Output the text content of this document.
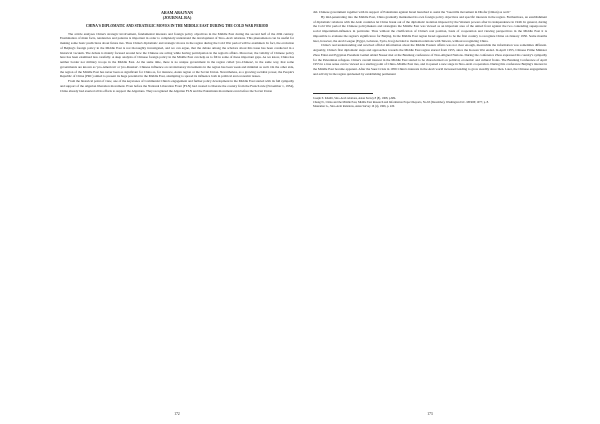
ARAM ABAJYAN

(JOURNAL RA)

CHINA'S DIPLOMATIC AND STRATEGIC MOVES IN THE MIDDLE EAST DURING THE COLD WAR PERIOD

The article analyses China's strategic involvement, fundamental interests and foreign policy objectives in the Middle East during the second half of the 20th century. Examination of main facts, tendencies and patterns is important in order to completely understand the development of Sino–Arab relations. This phenomenon can be useful for making some basic predictions about future ties. Thus China's diplomatic and strategic moves in the region during the Cold War period will be examined. In fact, the evolution of Beijing's foreign policy in the Middle East is not thoroughly investigated, and we can argue, that the debate among the scholars about this issue has been conducted in a historical vacuum. The debate is mainly focused around how the Chinese are acting while having participation in the region's affairs. Moreover, the validity of Chinese policy here has been examined less carefully. A deep analysis of Chinese foreign policy in the Middle East can help us to fill in some of these important gaps. As we know, China has neither border nor military troops in the Middle East. At the same time, there is no unique government in the region called 'pro-Chinese', in the same way, that some governments are known as 'pro-American' or 'pro-Russian'. Chinese influence on revolutionary movements in the region has been weak and minimal as well. On the other side, the region of the Middle East has never been as significant for China as, for instance, Asian region or the Soviet Union. Nevertheless, as a growing socialist power, the People's Republic of China (PRC) aimed to present its huge potential in the Middle East, attempting to spread its influence both in political and economic issues.

From the historical point of view, one of the keystones of Communist China's engagement and further policy development in the Middle East started with its full sympathy and support of the Algerian liberation movement. Even before the National Liberation Front (FLN) had created to liberate the country from the French rule (November 1, 1954), China already had exerted all its efforts to support the Algerians. They recognized the Algerian FLN and the Palestinian movement even before the Soviet Union

172

did. Chinese government together with its support of Palestinian against Israel launched to assist the "Guerrilla movement in Dhofar (Oman) as well."

By mid-penetrating into the Middle East, China gradually maintained its own foreign policy objectives and specific interests in the region. Furthermore, an establishment of diplomatic relations with the Arab countries let China break out of the diplomatic isolation imposed by the Western powers after its independence in 1949. In general, during the Cold War period the Chinese policymakers and strategists the Middle East was viewed as an important area of the united front against the two contending superpowers: social imperialism-influence in particular. Thus without the clarification of China's real position, basis of cooperation and viewing perspectives in the Middle East it is impossible to evaluate the region's significance for Beijing. In the Middle East region Israel appeared to be the first country to recognize China on January 1950. Some months later, however, the Arab League (Egypt, Lebanon, Syria, Iraq) decided to maintain relations with Taiwan, without recognizing China.

China's real understanding and received official information about the Middle Eastern affairs was not clear enough, meanwhile the information was sometimes different. Arguably, China's first diplomatic steps and approaches towards the Middle East region started from 1955, since the Korean War ended. In April 1955, Chinese Prime Minister Zhou Enlai and Egyptian President Gamal Abdel Nasser met at the Bandung conference of Non-Aligned Nations. During the conference Zhou expressed his country's sympathy for the Palestinian refugees. China's overall interest in the Middle East started to be characterized on political, economic and cultural fronts. The Bandung Conference of April 1955 in a true sense can be viewed as a starting point of China–Middle East ties, and it opened a new stage in Sino-Arab cooperation. During this conference Beijing's interest in the Middle East became apparent. After the Suez Crisis in 1956 China's interests in the Arab world increased tending to grow steadily since then. Later, the Chinese engagements and activity in the region quickened by establishing permanent

Joseph E. Khalili, Sino-Arab relations, Asian Survey 8 (8), 1968, p.684.

Chung N., China and the Middle East, Middle East Research and Information Project Reports, No.63 (December), Washington D.C. MERIP, 1977, p. 8.

Mauramer G., Sino-Arab Relations, Asian Survey 16 (4), 1966, p. 220.

173
